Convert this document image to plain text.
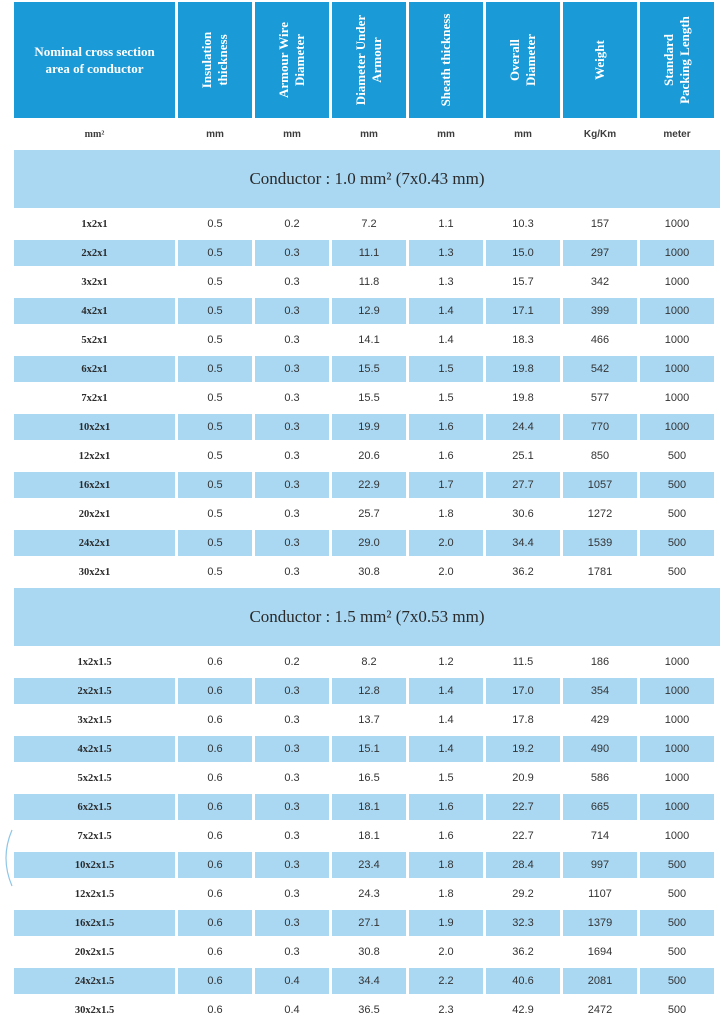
Nominal cross section
area of conductor	Insulation thickness	Armour Wire Diameter	Diameter Under Armour	Sheath thickness	Overall Diameter	Weight	Standard Packing Length
mm²	mm	mm	mm	mm	mm	Kg/Km	meter
Conductor : 1.0 mm² (7x0.43 mm)
1x2x1	0.5	0.2	7.2	1.1	10.3	157	1000
2x2x1	0.5	0.3	11.1	1.3	15.0	297	1000
3x2x1	0.5	0.3	11.8	1.3	15.7	342	1000
4x2x1	0.5	0.3	12.9	1.4	17.1	399	1000
5x2x1	0.5	0.3	14.1	1.4	18.3	466	1000
6x2x1	0.5	0.3	15.5	1.5	19.8	542	1000
7x2x1	0.5	0.3	15.5	1.5	19.8	577	1000
10x2x1	0.5	0.3	19.9	1.6	24.4	770	1000
12x2x1	0.5	0.3	20.6	1.6	25.1	850	500
16x2x1	0.5	0.3	22.9	1.7	27.7	1057	500
20x2x1	0.5	0.3	25.7	1.8	30.6	1272	500
24x2x1	0.5	0.3	29.0	2.0	34.4	1539	500
30x2x1	0.5	0.3	30.8	2.0	36.2	1781	500
Conductor : 1.5 mm² (7x0.53 mm)
1x2x1.5	0.6	0.2	8.2	1.2	11.5	186	1000
2x2x1.5	0.6	0.3	12.8	1.4	17.0	354	1000
3x2x1.5	0.6	0.3	13.7	1.4	17.8	429	1000
4x2x1.5	0.6	0.3	15.1	1.4	19.2	490	1000
5x2x1.5	0.6	0.3	16.5	1.5	20.9	586	1000
6x2x1.5	0.6	0.3	18.1	1.6	22.7	665	1000
7x2x1.5	0.6	0.3	18.1	1.6	22.7	714	1000
10x2x1.5	0.6	0.3	23.4	1.8	28.4	997	500
12x2x1.5	0.6	0.3	24.3	1.8	29.2	1107	500
16x2x1.5	0.6	0.3	27.1	1.9	32.3	1379	500
20x2x1.5	0.6	0.3	30.8	2.0	36.2	1694	500
24x2x1.5	0.6	0.4	34.4	2.2	40.6	2081	500
30x2x1.5	0.6	0.4	36.5	2.3	42.9	2472	500
